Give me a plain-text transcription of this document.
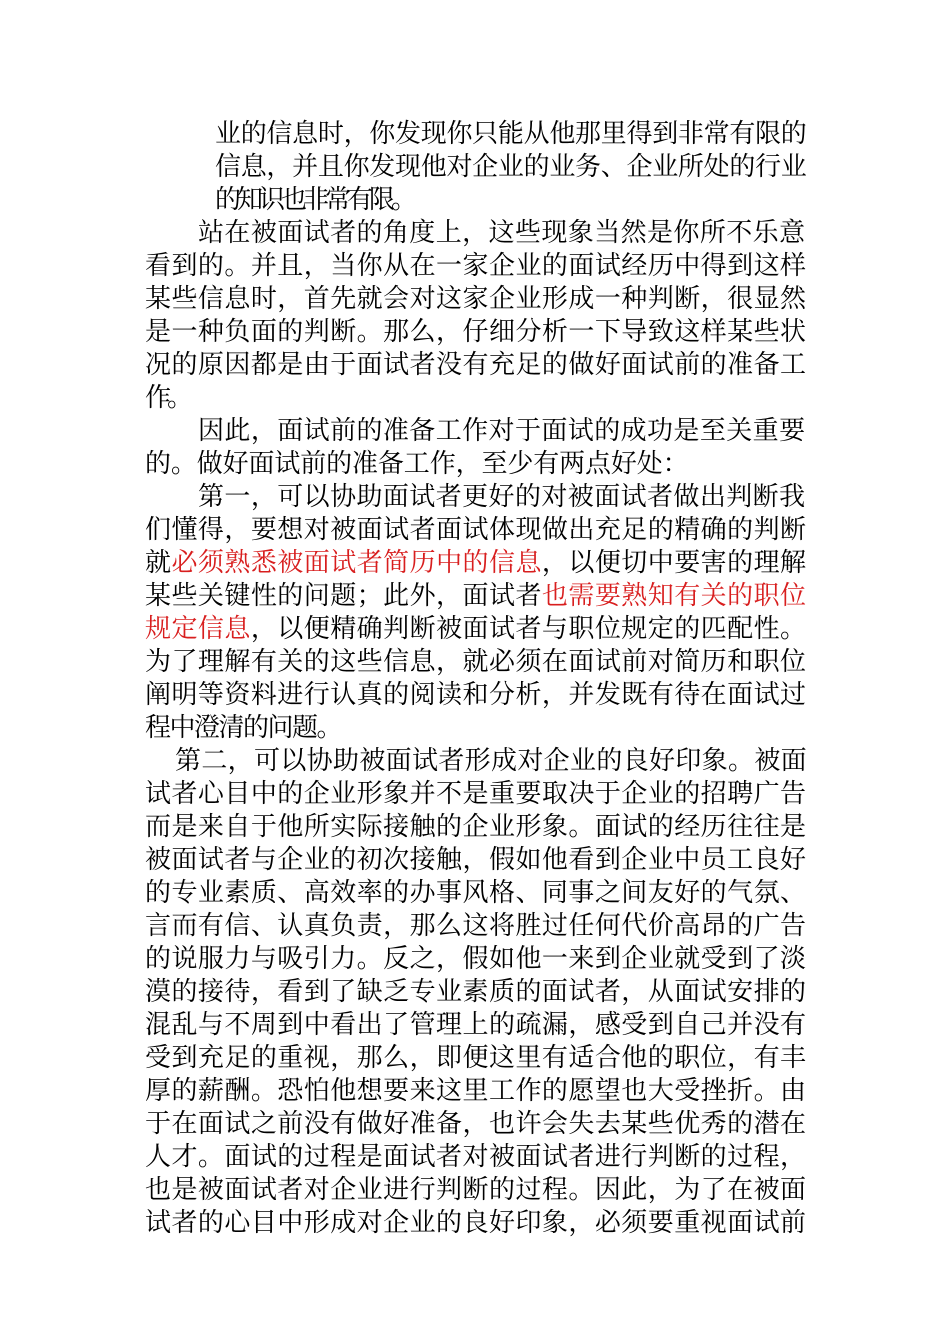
业的信息时，你发现你只能从他那里得到非常有限的
信息，并且你发现他对企业的业务、企业所处的行业
的知识也非常有限。
站在被面试者的角度上，这些现象当然是你所不乐意
看到的。并且，当你从在一家企业的面试经历中得到这样
某些信息时，首先就会对这家企业形成一种判断，很显然
是一种负面的判断。那么，仔细分析一下导致这样某些状
况的原因都是由于面试者没有充足的做好面试前的准备工
作。
因此，面试前的准备工作对于面试的成功是至关重要
的。做好面试前的准备工作，至少有两点好处：
第一，可以协助面试者更好的对被面试者做出判断我
们懂得，要想对被面试者面试体现做出充足的精确的判断
就必须熟悉被面试者简历中的信息，以便切中要害的理解
某些关键性的问题；此外，面试者也需要熟知有关的职位
规定信息，以便精确判断被面试者与职位规定的匹配性。
为了理解有关的这些信息，就必须在面试前对简历和职位
阐明等资料进行认真的阅读和分析，并发既有待在面试过
程中澄清的问题。
第二，可以协助被面试者形成对企业的良好印象。被面
试者心目中的企业形象并不是重要取决于企业的招聘广告
而是来自于他所实际接触的企业形象。面试的经历往往是
被面试者与企业的初次接触，假如他看到企业中员工良好
的专业素质、高效率的办事风格、同事之间友好的气氛、
言而有信、认真负责，那么这将胜过任何代价高昂的广告
的说服力与吸引力。反之，假如他一来到企业就受到了淡
漠的接待，看到了缺乏专业素质的面试者，从面试安排的
混乱与不周到中看出了管理上的疏漏，感受到自己并没有
受到充足的重视，那么，即便这里有适合他的职位，有丰
厚的薪酬。恐怕他想要来这里工作的愿望也大受挫折。由
于在面试之前没有做好准备，也许会失去某些优秀的潜在
人才。面试的过程是面试者对被面试者进行判断的过程，
也是被面试者对企业进行判断的过程。因此，为了在被面
试者的心目中形成对企业的良好印象，必须要重视面试前
